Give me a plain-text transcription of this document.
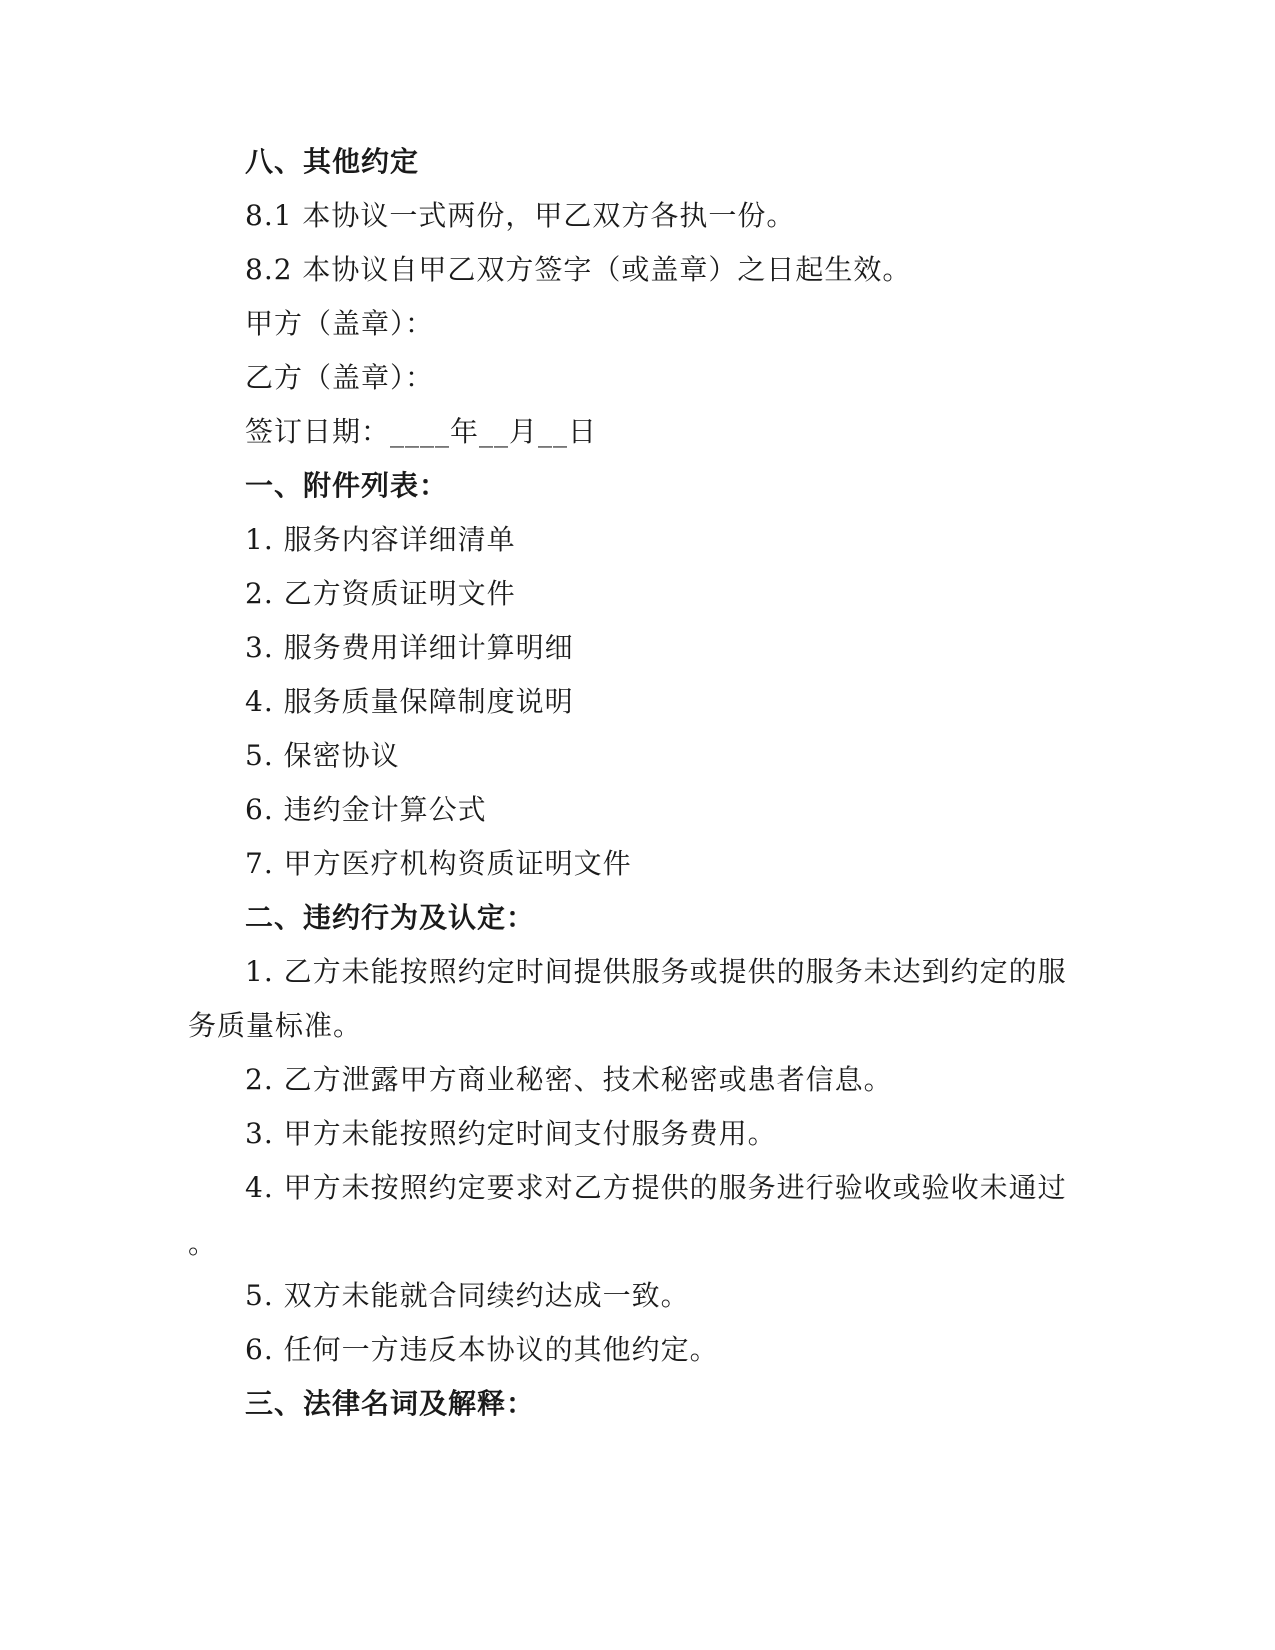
八、其他约定
8.1 本协议一式两份，甲乙双方各执一份。
8.2 本协议自甲乙双方签字（或盖章）之日起生效。
甲方（盖章）：
乙方（盖章）：
签订日期：____年__月__日
一、附件列表：
1. 服务内容详细清单
2. 乙方资质证明文件
3. 服务费用详细计算明细
4. 服务质量保障制度说明
5. 保密协议
6. 违约金计算公式
7. 甲方医疗机构资质证明文件
二、违约行为及认定：
1. 乙方未能按照约定时间提供服务或提供的服务未达到约定的服
务质量标准。
2. 乙方泄露甲方商业秘密、技术秘密或患者信息。
3. 甲方未能按照约定时间支付服务费用。
4. 甲方未按照约定要求对乙方提供的服务进行验收或验收未通过
。
5. 双方未能就合同续约达成一致。
6. 任何一方违反本协议的其他约定。
三、法律名词及解释：
